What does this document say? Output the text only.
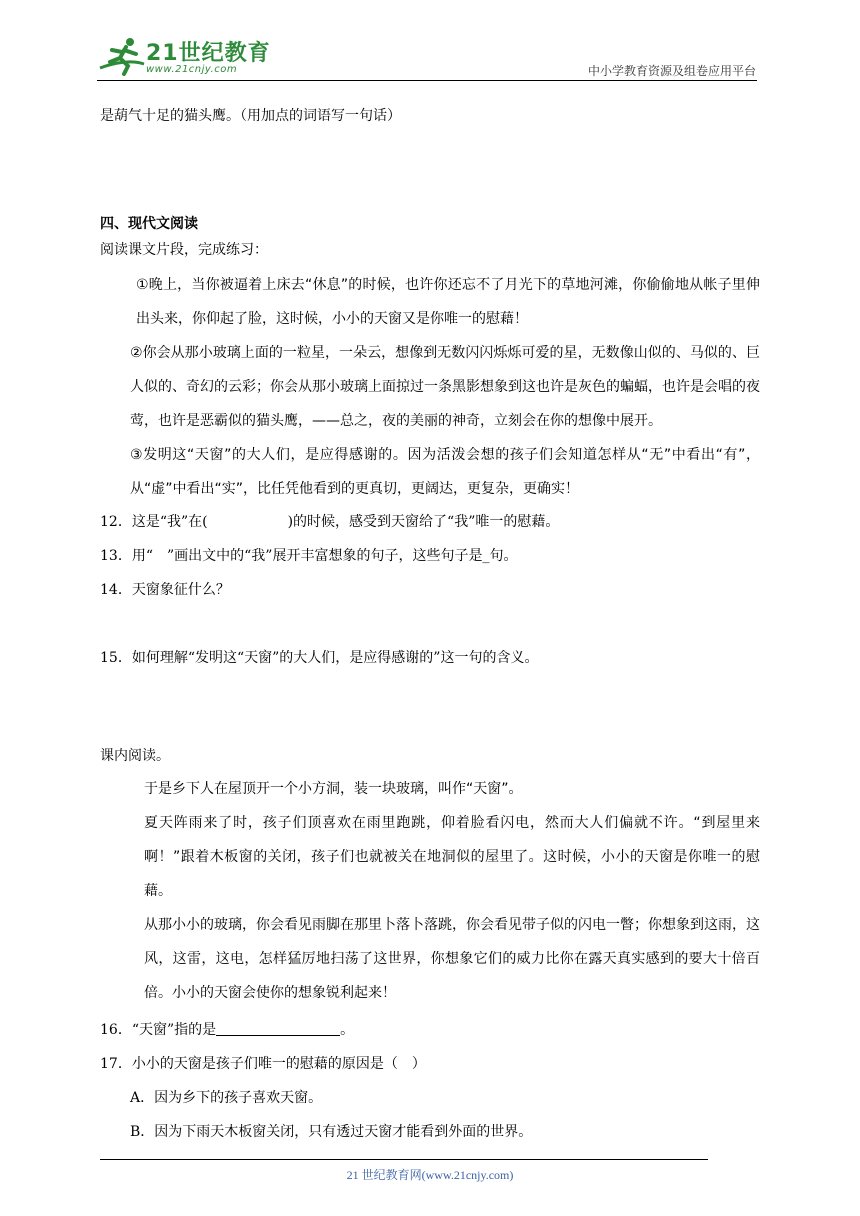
21世纪教育
www.21cnjy.com	中小学教育资源及组卷应用平台
是葫气十足的猫头鹰。（用加点的词语写一句话）
四、现代文阅读
阅读课文片段，完成练习：
①晚上，当你被逼着上床去“休息”的时候，也许你还忘不了月光下的草地河滩，你偷偷地从帐子里伸出头来，你仰起了脸，这时候，小小的天窗又是你唯一的慰藉！
②你会从那小玻璃上面的一粒星，一朵云，想像到无数闪闪烁烁可爱的星，无数像山似的、马似的、巨人似的、奇幻的云彩；你会从那小玻璃上面掠过一条黑影想象到这也许是灰色的蝙蝠，也许是会唱的夜莺，也许是恶霸似的猫头鹰，——总之，夜的美丽的神奇，立刻会在你的想像中展开。
③发明这“天窗”的大人们，是应得感谢的。因为活泼会想的孩子们会知道怎样从“无”中看出“有”，从“虚”中看出“实”，比任凭他看到的更真切，更阔达，更复杂，更确实！
12．这是“我”在(	)的时候，感受到天窗给了“我”唯一的慰藉。
13．用“　”画出文中的“我”展开丰富想象的句子，这些句子是_句。
14．天窗象征什么？
15．如何理解“发明这“天窗”的大人们，是应得感谢的”这一句的含义。
课内阅读。
于是乡下人在屋顶开一个小方洞，装一块玻璃，叫作“天窗”。
夏天阵雨来了时，孩子们顶喜欢在雨里跑跳，仰着脸看闪电，然而大人们偏就不许。“到屋里来啊！”跟着木板窗的关闭，孩子们也就被关在地洞似的屋里了。这时候，小小的天窗是你唯一的慰藉。
从那小小的玻璃，你会看见雨脚在那里卜落卜落跳，你会看见带子似的闪电一瞥；你想象到这雨，这风，这雷，这电，怎样猛厉地扫荡了这世界，你想象它们的威力比你在露天真实感到的要大十倍百倍。小小的天窗会使你的想象锐利起来！
16．“天窗”指的是	。
17．小小的天窗是孩子们唯一的慰藉的原因是（　）
A．因为乡下的孩子喜欢天窗。
B．因为下雨天木板窗关闭，只有透过天窗才能看到外面的世界。
21 世纪教育网(www.21cnjy.com)
